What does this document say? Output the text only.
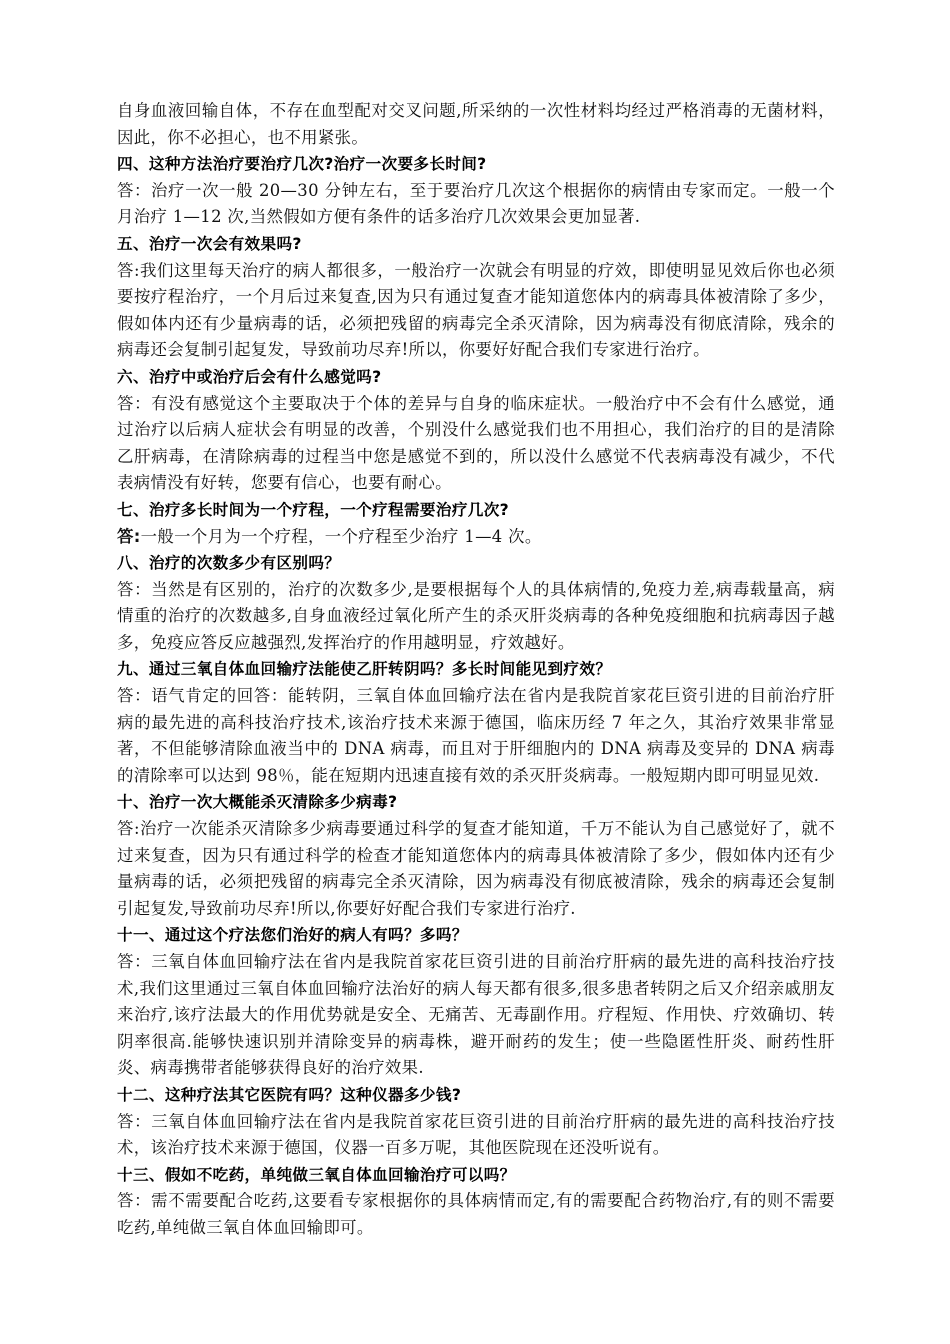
自身血液回输自体，不存在血型配对交叉问题,所采纳的一次性材料均经过严格消毒的无菌材料，因此，你不必担心，也不用紧张。

四、这种方法治疗要治疗几次?治疗一次要多长时间?

答：治疗一次一般 20—30 分钟左右，至于要治疗几次这个根据你的病情由专家而定。一般一个月治疗 1—12 次,当然假如方便有条件的话多治疗几次效果会更加显著.

五、治疗一次会有效果吗?

答:我们这里每天治疗的病人都很多，一般治疗一次就会有明显的疗效，即使明显见效后你也必须要按疗程治疗，一个月后过来复查,因为只有通过复查才能知道您体内的病毒具体被清除了多少，假如体内还有少量病毒的话，必须把残留的病毒完全杀灭清除，因为病毒没有彻底清除，残余的病毒还会复制引起复发，导致前功尽弃!所以，你要好好配合我们专家进行治疗。

六、治疗中或治疗后会有什么感觉吗?

答：有没有感觉这个主要取决于个体的差异与自身的临床症状。一般治疗中不会有什么感觉，通过治疗以后病人症状会有明显的改善，个别没什么感觉我们也不用担心，我们治疗的目的是清除乙肝病毒，在清除病毒的过程当中您是感觉不到的，所以没什么感觉不代表病毒没有减少，不代表病情没有好转，您要有信心，也要有耐心。

七、治疗多长时间为一个疗程，一个疗程需要治疗几次?

答:一般一个月为一个疗程，一个疗程至少治疗 1—4 次。

八、治疗的次数多少有区别吗？

答：当然是有区别的，治疗的次数多少,是要根据每个人的具体病情的,免疫力差,病毒载量高，病情重的治疗的次数越多,自身血液经过氧化所产生的杀灭肝炎病毒的各种免疫细胞和抗病毒因子越多，免疫应答反应越强烈,发挥治疗的作用越明显，疗效越好。

九、通过三氧自体血回输疗法能使乙肝转阴吗？多长时间能见到疗效？

答：语气肯定的回答：能转阴，三氧自体血回输疗法在省内是我院首家花巨资引进的目前治疗肝病的最先进的高科技治疗技术,该治疗技术来源于德国，临床历经 7 年之久，其治疗效果非常显著，不但能够清除血液当中的 DNA 病毒，而且对于肝细胞内的 DNA 病毒及变异的 DNA 病毒的清除率可以达到 98％，能在短期内迅速直接有效的杀灭肝炎病毒。一般短期内即可明显见效.

十、治疗一次大概能杀灭清除多少病毒?

答:治疗一次能杀灭清除多少病毒要通过科学的复查才能知道，千万不能认为自己感觉好了，就不过来复查，因为只有通过科学的检查才能知道您体内的病毒具体被清除了多少，假如体内还有少量病毒的话，必须把残留的病毒完全杀灭清除，因为病毒没有彻底被清除，残余的病毒还会复制引起复发,导致前功尽弃!所以,你要好好配合我们专家进行治疗.

十一、通过这个疗法您们治好的病人有吗？多吗？

答：三氧自体血回输疗法在省内是我院首家花巨资引进的目前治疗肝病的最先进的高科技治疗技术,我们这里通过三氧自体血回输疗法治好的病人每天都有很多,很多患者转阴之后又介绍亲戚朋友来治疗,该疗法最大的作用优势就是安全、无痛苦、无毒副作用。疗程短、作用快、疗效确切、转阴率很高.能够快速识别并清除变异的病毒株，避开耐药的发生；使一些隐匿性肝炎、耐药性肝炎、病毒携带者能够获得良好的治疗效果.

十二、这种疗法其它医院有吗？这种仪器多少钱?

答：三氧自体血回输疗法在省内是我院首家花巨资引进的目前治疗肝病的最先进的高科技治疗技术，该治疗技术来源于德国，仪器一百多万呢，其他医院现在还没听说有。

十三、假如不吃药，单纯做三氧自体血回输治疗可以吗？

答：需不需要配合吃药,这要看专家根据你的具体病情而定,有的需要配合药物治疗,有的则不需要吃药,单纯做三氧自体血回输即可。
